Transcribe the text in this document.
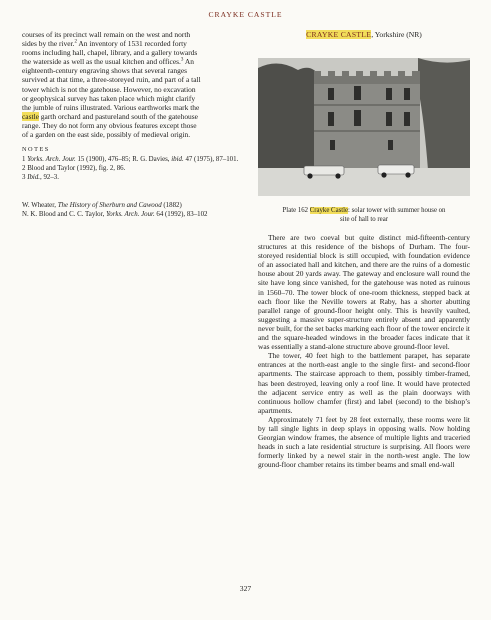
CRAYKE CASTLE
courses of its precinct wall remain on the west and north
sides by the river.$^2$ An inventory of 1531 recorded forty
rooms including hall, chapel, library, and a gallery towards
the waterside as well as the usual kitchen and offices.$^3$ An
eighteenth-century engraving shows that several ranges
survived at that time, a three-storeyed ruin, and part of a tall
tower which is not the gatehouse. However, no excavation
or geophysical survey has taken place which might clarify
the jumble of ruins illustrated. Various earthworks mark the
castle garth orchard and pastureland south of the gatehouse
range. They do not form any obvious features except those
of a garden on the east side, possibly of medieval origin.
NOTES
1 Yorks. Arch. Jour. 15 (1900), 476–85; R. G. Davies, ibid. 47 (1975), 87–101.
2 Blood and Taylor (1992), fig. 2, 86.
3 Ibid., 92–3.
W. Wheater, The History of Sherburn and Cawood (1882)
N. K. Blood and C. C. Taylor, Yorks. Arch. Jour. 64 (1992), 83–102
CRAYKE CASTLE, Yorkshire (NR)
Plate 162 Crayke Castle: solar tower with summer house on
site of hall to rear

There are two coeval but quite distinct mid-fifteenth-century structures at this residence of the bishops of Durham. The four-storeyed residential block is still occupied, with foundation evidence of an associated hall and kitchen, and there are the ruins of a domestic house about 20 yards away. The gateway and enclosure wall round the site have long since vanished, for the gatehouse was noted as ruinous in 1560–70. The tower block of one-room thickness, stepped back at each floor like the Neville towers at Raby, has a shorter abutting parallel range of ground-floor height only. This is heavily vaulted, suggesting a massive super-structure entirely absent and apparently never built, for the set backs marking each floor of the tower encircle it and the square-headed windows in the broader faces indicate that it was essentially a stand-alone structure above ground-floor level.

The tower, 40 feet high to the battlement parapet, has separate entrances at the north-east angle to the single first- and second-floor apartments. The staircase approach to them, possibly timber-framed, has been destroyed, leaving only a roof line. It would have protected the adjacent service entry as well as the plain doorways with continuous hollow chamfer (first) and label (second) to the bishop’s apartments.

Approximately 71 feet by 28 feet externally, these rooms were lit by tall single lights in deep splays in opposing walls. Now holding Georgian window frames, the absence of multiple lights and traceried heads in such a late residential structure is surprising. All floors were formerly linked by a newel stair in the north-west angle. The low ground-floor chamber retains its timber beams and small end-wall

327
